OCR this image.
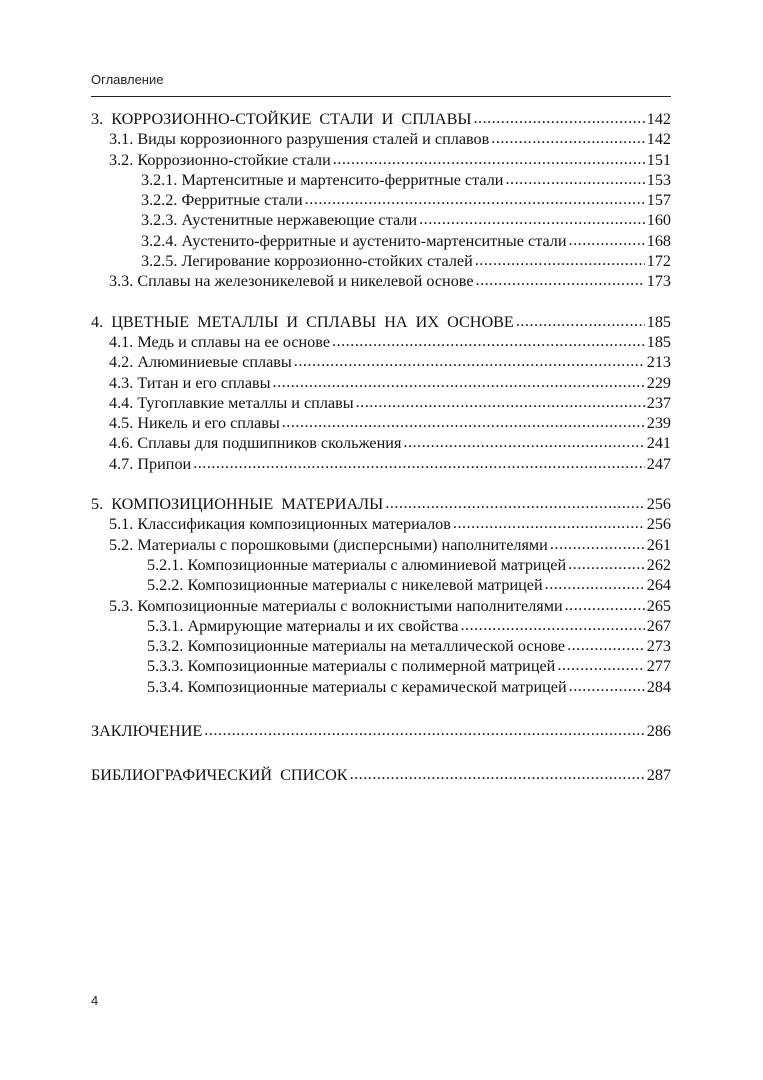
Оглавление
3. КОРРОЗИОННО-СТОЙКИЕ СТАЛИ И СПЛАВЫ .....	142
3.1. Виды коррозионного разрушения сталей и сплавов .....	142
3.2. Коррозионно-стойкие стали .....	151
3.2.1. Мартенситные и мартенсито-ферритные стали .....	153
3.2.2. Ферритные стали .....	157
3.2.3. Аустенитные нержавеющие стали .....	160
3.2.4. Аустенито-ферритные и аустенито-мартенситные стали .....	168
3.2.5. Легирование коррозионно-стойких сталей .....	172
3.3. Сплавы на железоникелевой и никелевой основе .....	173
4. ЦВЕТНЫЕ МЕТАЛЛЫ И СПЛАВЫ НА ИХ ОСНОВЕ .....	185
4.1. Медь и сплавы на ее основе .....	185
4.2. Алюминиевые сплавы .....	213
4.3. Титан и его сплавы .....	229
4.4. Тугоплавкие металлы и сплавы .....	237
4.5. Никель и его сплавы .....	239
4.6. Сплавы для подшипников скольжения .....	241
4.7. Припои .....	247
5. КОМПОЗИЦИОННЫЕ МАТЕРИАЛЫ .....	256
5.1. Классификация композиционных материалов .....	256
5.2. Материалы с порошковыми (дисперсными) наполнителями .....	261
5.2.1. Композиционные материалы с алюминиевой матрицей .....	262
5.2.2. Композиционные материалы с никелевой матрицей .....	264
5.3. Композиционные материалы с волокнистыми наполнителями .....	265
5.3.1. Армирующие материалы и их свойства .....	267
5.3.2. Композиционные материалы на металлической основе .....	273
5.3.3. Композиционные материалы с полимерной матрицей .....	277
5.3.4. Композиционные материалы с керамической матрицей .....	284
ЗАКЛЮЧЕНИЕ .....	286
БИБЛИОГРАФИЧЕСКИЙ СПИСОК .....	287
4
